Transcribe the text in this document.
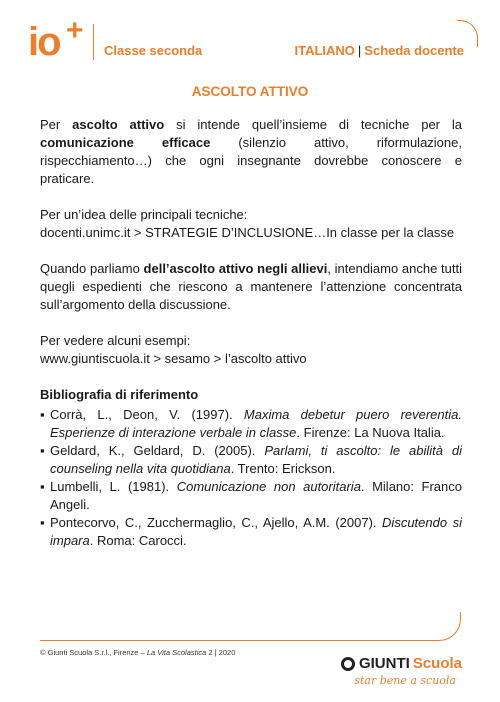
io +
Classe seconda	ITALIANO | Scheda docente
ASCOLTO ATTIVO

Per ascolto attivo si intende quell’insieme di tecniche per la comunicazione efficace (silenzio attivo, riformulazione, rispecchiamento…) che ogni insegnante dovrebbe conoscere e praticare.

Per un’idea delle principali tecniche:
docenti.unimc.it > STRATEGIE D’INCLUSIONE…In classe per la classe

Quando parliamo dell’ascolto attivo negli allievi, intendiamo anche tutti quegli espedienti che riescono a mantenere l’attenzione concentrata sull’argomento della discussione.

Per vedere alcuni esempi:
www.giuntiscuola.it > sesamo > l’ascolto attivo

Bibliografia di riferimento
▪ Corrà, L., Deon, V. (1997). Maxima debetur puero reverentia. Esperienze di interazione verbale in classe. Firenze: La Nuova Italia.
▪ Geldard, K., Geldard, D. (2005). Parlami, ti ascolto: le abilità di counseling nella vita quotidiana. Trento: Erickson.
▪ Lumbelli, L. (1981). Comunicazione non autoritaria. Milano: Franco Angeli.
▪ Pontecorvo, C., Zucchermaglio, C., Ajello, A.M. (2007). Discutendo si impara. Roma: Carocci.
© Giunti Scuola S.r.l., Firenze – La Vita Scolastica 2 | 2020
GIUNTI Scuola
star bene a scuola
